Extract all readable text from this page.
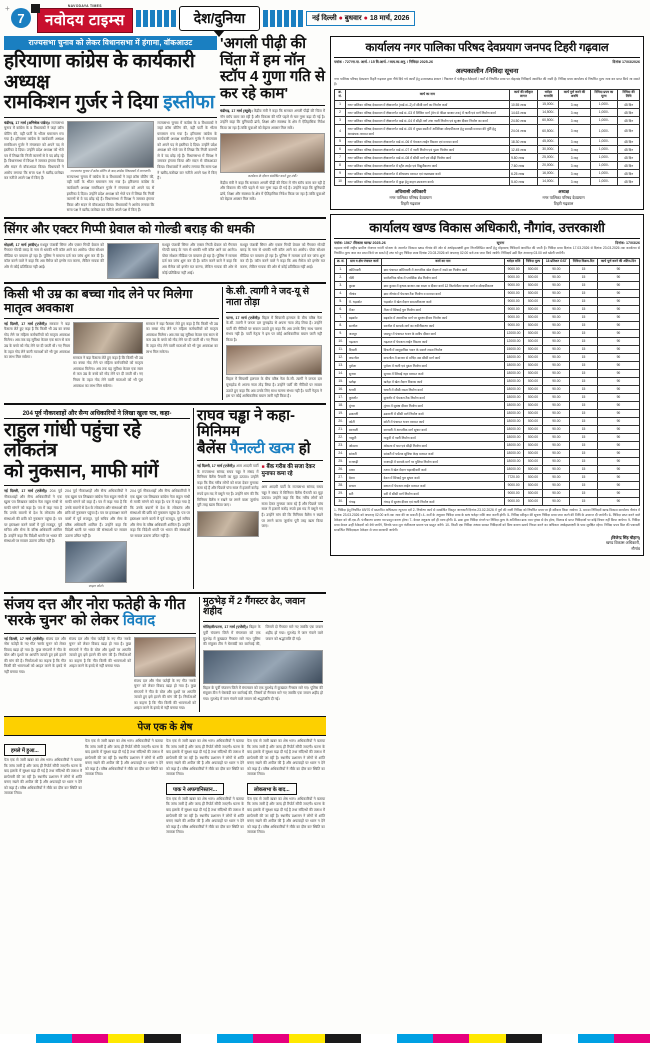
+
7
NAVODAYA TIMES
नवोदय टाइम्स	देश/दुनिया	नई दिल्ली ● बुधवार ● 18 मार्च, 2026
राज्यसभा चुनाव को लेकर विधानसभा में हंगामा, वॉकआउट
हरियाणा कांग्रेस के कार्यकारी अध्यक्ष
रामकिशन गुर्जर ने दिया इस्तीफा
चंडीगढ़, 17 मार्च (अभिषेक पांडेय)। राज्यसभा चुनाव में कांग्रेस के 5 विधायकों ने जहां क्रॉस वोटिंग की, वहीं पार्टी के भीतर घमासान मच गया है। हरियाणा कांग्रेस के कार्यकारी अध्यक्ष रामकिशन गुर्जर ने मंगलवार को अपने पद से इस्तीफा दे दिया। उन्होंने प्रदेश अध्यक्ष को भेजे पत्र में लिखा कि निजी कारणों से वे पद छोड़ रहे हैं। विधानसभा में विपक्ष ने जमकर हंगामा किया और सदन से वॉकआउट किया। विधायकों ने आरोप लगाया कि सत्ता पक्ष ने खरीद-फरोख्त कर नतीजे अपने पक्ष में किए हैं।
राज्यसभा चुनाव में क्रॉस वोटिंग के बाद कांग्रेस विधायकों में नाराजगी।
राज्यसभा चुनाव में कांग्रेस के 5 विधायकों ने जहां क्रॉस वोटिंग की, वहीं पार्टी के भीतर घमासान मच गया है। हरियाणा कांग्रेस के कार्यकारी अध्यक्ष रामकिशन गुर्जर ने मंगलवार को अपने पद से इस्तीफा दे दिया। उन्होंने प्रदेश अध्यक्ष को भेजे पत्र में लिखा कि निजी कारणों से वे पद छोड़ रहे हैं। विधानसभा में विपक्ष ने जमकर हंगामा किया और सदन से वॉकआउट किया। विधायकों ने आरोप लगाया कि सत्ता पक्ष ने खरीद-फरोख्त कर नतीजे अपने पक्ष में किए हैं।
राज्यसभा चुनाव में कांग्रेस के 5 विधायकों ने जहां क्रॉस वोटिंग की, वहीं पार्टी के भीतर घमासान मच गया है। हरियाणा कांग्रेस के कार्यकारी अध्यक्ष रामकिशन गुर्जर ने मंगलवार को अपने पद से इस्तीफा दे दिया। उन्होंने प्रदेश अध्यक्ष को भेजे पत्र में लिखा कि निजी कारणों से वे पद छोड़ रहे हैं। विधानसभा में विपक्ष ने जमकर हंगामा किया और सदन से वॉकआउट किया। विधायकों ने आरोप लगाया कि सत्ता पक्ष ने खरीद-फरोख्त कर नतीजे अपने पक्ष में किए हैं।
'अगली पीढ़ी की चिंता में हम नॉन
स्टॉप 4 गुणा गति से कर रहे काम'
चंडीगढ़, 17 मार्च (ब्यूरो)। केंद्रीय मंत्री ने कहा कि सरकार अगली पीढ़ी की चिंता में नॉन स्टॉप काम कर रही है और विकास की गति पहले से चार गुणा बढ़ा दी गई है। उन्होंने कहा कि बुनियादी ढांचे, शिक्षा और स्वास्थ्य के क्षेत्र में ऐतिहासिक निवेश किया जा रहा है ताकि युवाओं को बेहतर अवसर मिल सकें।
कार्यक्रम के दौरान संबोधित करते हुए मंत्री।
केंद्रीय मंत्री ने कहा कि सरकार अगली पीढ़ी की चिंता में नॉन स्टॉप काम कर रही है और विकास की गति पहले से चार गुणा बढ़ा दी गई है। उन्होंने कहा कि बुनियादी ढांचे, शिक्षा और स्वास्थ्य के क्षेत्र में ऐतिहासिक निवेश किया जा रहा है ताकि युवाओं को बेहतर अवसर मिल सकें।
सिंगर और एक्टर गिप्पी ग्रेवाल को गोल्डी बराड़ की धमकी
मोहाली, 17 मार्च (संदीप)। मशहूर पंजाबी सिंगर और एक्टर गिप्पी ग्रेवाल को गैंगस्टर गोल्डी बराड़ के नाम से धमकी भरी कॉल आने का आरोप। पोस्ट सोशल मीडिया पर वायरल हो रहा है। पुलिस ने मामला दर्ज कर जांच शुरू कर दी है। कॉल करने वाले ने कहा कि अब मैसेज को इग्नोर मत करना, लेकिन गायक की ओर से कोई प्रतिक्रिया नहीं आई।
मशहूर पंजाबी सिंगर और एक्टर गिप्पी ग्रेवाल को गैंगस्टर गोल्डी बराड़ के नाम से धमकी भरी कॉल आने का आरोप। पोस्ट सोशल मीडिया पर वायरल हो रहा है। पुलिस ने मामला दर्ज कर जांच शुरू कर दी है। कॉल करने वाले ने कहा कि अब मैसेज को इग्नोर मत करना, लेकिन गायक की ओर से कोई प्रतिक्रिया नहीं आई।
मशहूर पंजाबी सिंगर और एक्टर गिप्पी ग्रेवाल को गैंगस्टर गोल्डी बराड़ के नाम से धमकी भरी कॉल आने का आरोप। पोस्ट सोशल मीडिया पर वायरल हो रहा है। पुलिस ने मामला दर्ज कर जांच शुरू कर दी है। कॉल करने वाले ने कहा कि अब मैसेज को इग्नोर मत करना, लेकिन गायक की ओर से कोई प्रतिक्रिया नहीं आई।
किसी भी उम्र का बच्चा गोद लेने पर मिलेगा मातृत्व अवकाश
नई दिल्ली, 17 मार्च (एजेंसी)। सरकार ने बड़ा फैसला लेते हुए कहा है कि किसी भी उम्र का बच्चा गोद लेने पर महिला कर्मचारियों को मातृत्व अवकाश मिलेगा। अब तक यह सुविधा केवल एक साल से कम उम्र के बच्चे को गोद लेने पर दी जाती थी। नए नियम के तहत गोद लेने वाली माताओं को भी पूरा अवकाश का लाभ मिल सकेगा।	सरकार ने बड़ा फैसला लेते हुए कहा है कि किसी भी उम्र का बच्चा गोद लेने पर महिला कर्मचारियों को मातृत्व अवकाश मिलेगा। अब तक यह सुविधा केवल एक साल से कम उम्र के बच्चे को गोद लेने पर दी जाती थी। नए नियम के तहत गोद लेने वाली माताओं को भी पूरा अवकाश का लाभ मिल सकेगा।
सरकार ने बड़ा फैसला लेते हुए कहा है कि किसी भी उम्र का बच्चा गोद लेने पर महिला कर्मचारियों को मातृत्व अवकाश मिलेगा। अब तक यह सुविधा केवल एक साल से कम उम्र के बच्चे को गोद लेने पर दी जाती थी। नए नियम के तहत गोद लेने वाली माताओं को भी पूरा अवकाश का लाभ मिल सकेगा।
के.सी. त्यागी ने जद-यू से नाता तोड़ा
पटना, 17 मार्च (एजेंसी)। बिहार में सियासी हलचल के बीच वरिष्ठ नेता के.सी. त्यागी ने जनता दल यूनाइटेड से अपना नाता तोड़ लिया है। उन्होंने पार्टी की नीतियों पर सवाल उठाते हुए कहा कि अब उनके लिए साथ चलना संभव नहीं है। पार्टी नेतृत्व ने इस पर कोई आधिकारिक बयान जारी नहीं किया है।
बिहार में सियासी हलचल के बीच वरिष्ठ नेता के.सी. त्यागी ने जनता दल यूनाइटेड से अपना नाता तोड़ लिया है। उन्होंने पार्टी की नीतियों पर सवाल उठाते हुए कहा कि अब उनके लिए साथ चलना संभव नहीं है। पार्टी नेतृत्व ने इस पर कोई आधिकारिक बयान जारी नहीं किया है।
204 पूर्व नौकरशाहों और सैन्य अधिकारियों ने लिखा खुला पत्र, कहा-
राहुल गांधी पहुंचा रहे लोकतंत्र
को नुकसान, माफी मांगें
नई दिल्ली, 17 मार्च (एजेंसी)। 204 पूर्व नौकरशाहों और सैन्य अधिकारियों ने एक खुला पत्र लिखकर कांग्रेस नेता राहुल गांधी से माफी मांगने को कहा है। पत्र में कहा गया है कि उनके बयानों से देश के लोकतंत्र और संस्थाओं की छवि को नुकसान पहुंचा है। पत्र पर हस्ताक्षर करने वालों में पूर्व राजदूत, पूर्व सचिव और सेना के वरिष्ठ अधिकारी शामिल हैं। उन्होंने कहा कि विदेशी धरती पर भारत की संस्थाओं पर सवाल उठाना उचित नहीं है।
204 पूर्व नौकरशाहों और सैन्य अधिकारियों ने एक खुला पत्र लिखकर कांग्रेस नेता राहुल गांधी से माफी मांगने को कहा है। पत्र में कहा गया है कि उनके बयानों से देश के लोकतंत्र और संस्थाओं की छवि को नुकसान पहुंचा है। पत्र पर हस्ताक्षर करने वालों में पूर्व राजदूत, पूर्व सचिव और सेना के वरिष्ठ अधिकारी शामिल हैं। उन्होंने कहा कि विदेशी धरती पर भारत की संस्थाओं पर सवाल उठाना उचित नहीं है।
फाइल फोटो।
204 पूर्व नौकरशाहों और सैन्य अधिकारियों ने एक खुला पत्र लिखकर कांग्रेस नेता राहुल गांधी से माफी मांगने को कहा है। पत्र में कहा गया है कि उनके बयानों से देश के लोकतंत्र और संस्थाओं की छवि को नुकसान पहुंचा है। पत्र पर हस्ताक्षर करने वालों में पूर्व राजदूत, पूर्व सचिव और सेना के वरिष्ठ अधिकारी शामिल हैं। उन्होंने कहा कि विदेशी धरती पर भारत की संस्थाओं पर सवाल उठाना उचित नहीं है।
राघव चड्ढा ने कहा-मिनिमम
बैलेंस पैनल्टी खत्म हो
नई दिल्ली, 17 मार्च (एजेंसी)। आम आदमी पार्टी के राज्यसभा सांसद राघव चड्ढा ने संसद में मिनिमम बैलेंस पैनल्टी का मुद्दा उठाया। उन्होंने कहा कि बैंक गरीब लोगों को सजा देकर मुनाफा कमा रहे हैं और पिछले पांच साल में हजारों करोड़ रुपये इस मद में वसूले गए हैं। उन्होंने मांग की कि मिनिमम बैलेंस न रखने पर लगने वाला जुर्माना पूरी तरह खत्म किया जाए।
■ बैंक गरीब की सजा देकर मुनाफा कमा रहे
आम आदमी पार्टी के राज्यसभा सांसद राघव चड्ढा ने संसद में मिनिमम बैलेंस पैनल्टी का मुद्दा उठाया। उन्होंने कहा कि बैंक गरीब लोगों को सजा देकर मुनाफा कमा रहे हैं और पिछले पांच साल में हजारों करोड़ रुपये इस मद में वसूले गए हैं। उन्होंने मांग की कि मिनिमम बैलेंस न रखने पर लगने वाला जुर्माना पूरी तरह खत्म किया जाए।
संजय दत्त और नोरा फतेही के गीत
'सरके चुनर' को लेकर विवाद
नई दिल्ली, 17 मार्च (एजेंसी)। संजय दत्त और नोरा फतेही के नए गीत 'सरके चुनर' को लेकर विवाद खड़ा हो गया है। कुछ संगठनों ने गीत के बोल और दृश्यों पर आपत्ति जताते हुए इसे हटाने की मांग की है। निर्माताओं का कहना है कि गीत किसी की भावनाओं को आहत करने के इरादे से नहीं बनाया गया।
संजय दत्त और नोरा फतेही के नए गीत 'सरके चुनर' को लेकर विवाद खड़ा हो गया है। कुछ संगठनों ने गीत के बोल और दृश्यों पर आपत्ति जताते हुए इसे हटाने की मांग की है। निर्माताओं का कहना है कि गीत किसी की भावनाओं को आहत करने के इरादे से नहीं बनाया गया।
संजय दत्त और नोरा फतेही के नए गीत 'सरके चुनर' को लेकर विवाद खड़ा हो गया है। कुछ संगठनों ने गीत के बोल और दृश्यों पर आपत्ति जताते हुए इसे हटाने की मांग की है। निर्माताओं का कहना है कि गीत किसी की भावनाओं को आहत करने के इरादे से नहीं बनाया गया।
मुठभेड़ में 2 गैंगस्टर ढेर, जवान शहीद
मोतिहारी/पटना, 17 मार्च (एजेंसी)। बिहार के पूर्वी चंपारण जिले में मंगलवार को एक मुठभेड़ में कुख्यात गैंगस्टर मारे गए। पुलिस की संयुक्त टीम ने घेराबंदी कर कार्रवाई की, जिसमें दो गैंगस्टर मारे गए जबकि एक जवान शहीद हो गया। मुठभेड़ में जान गंवाने वाले जवान को श्रद्धांजलि दी गई।
बिहार के पूर्वी चंपारण जिले में मंगलवार को एक मुठभेड़ में कुख्यात गैंगस्टर मारे गए। पुलिस की संयुक्त टीम ने घेराबंदी कर कार्रवाई की, जिसमें दो गैंगस्टर मारे गए जबकि एक जवान शहीद हो गया। मुठभेड़ में जान गंवाने वाले जवान को श्रद्धांजलि दी गई।
पेज एक के शेष
हमले में हुआ...
पेज एक से जारी खबर का शेष भाग। अधिकारियों ने बताया कि जांच जारी है और जल्द ही रिपोर्ट सौंपी जाएगी। घटना के बाद इलाके में सुरक्षा बढ़ा दी गई है तथा संदिग्धों की तलाश में छापेमारी की जा रही है। स्थानीय प्रशासन ने लोगों से शांति बनाए रखने की अपील की है और अफवाहों पर ध्यान न देने को कहा है। वरिष्ठ अधिकारियों ने मौके का दौरा कर स्थिति का जायजा लिया।
पेज एक से जारी खबर का शेष भाग। अधिकारियों ने बताया कि जांच जारी है और जल्द ही रिपोर्ट सौंपी जाएगी। घटना के बाद इलाके में सुरक्षा बढ़ा दी गई है तथा संदिग्धों की तलाश में छापेमारी की जा रही है। स्थानीय प्रशासन ने लोगों से शांति बनाए रखने की अपील की है और अफवाहों पर ध्यान न देने को कहा है। वरिष्ठ अधिकारियों ने मौके का दौरा कर स्थिति का जायजा लिया।
पेज एक से जारी खबर का शेष भाग। अधिकारियों ने बताया कि जांच जारी है और जल्द ही रिपोर्ट सौंपी जाएगी। घटना के बाद इलाके में सुरक्षा बढ़ा दी गई है तथा संदिग्धों की तलाश में छापेमारी की जा रही है। स्थानीय प्रशासन ने लोगों से शांति बनाए रखने की अपील की है और अफवाहों पर ध्यान न देने को कहा है। वरिष्ठ अधिकारियों ने मौके का दौरा कर स्थिति का जायजा लिया।
पाक ने अफगानिस्तान...
पेज एक से जारी खबर का शेष भाग। अधिकारियों ने बताया कि जांच जारी है और जल्द ही रिपोर्ट सौंपी जाएगी। घटना के बाद इलाके में सुरक्षा बढ़ा दी गई है तथा संदिग्धों की तलाश में छापेमारी की जा रही है। स्थानीय प्रशासन ने लोगों से शांति बनाए रखने की अपील की है और अफवाहों पर ध्यान न देने को कहा है। वरिष्ठ अधिकारियों ने मौके का दौरा कर स्थिति का जायजा लिया।
पेज एक से जारी खबर का शेष भाग। अधिकारियों ने बताया कि जांच जारी है और जल्द ही रिपोर्ट सौंपी जाएगी। घटना के बाद इलाके में सुरक्षा बढ़ा दी गई है तथा संदिग्धों की तलाश में छापेमारी की जा रही है। स्थानीय प्रशासन ने लोगों से शांति बनाए रखने की अपील की है और अफवाहों पर ध्यान न देने को कहा है। वरिष्ठ अधिकारियों ने मौके का दौरा कर स्थिति का जायजा लिया।
लोकसभा के बाद...
पेज एक से जारी खबर का शेष भाग। अधिकारियों ने बताया कि जांच जारी है और जल्द ही रिपोर्ट सौंपी जाएगी। घटना के बाद इलाके में सुरक्षा बढ़ा दी गई है तथा संदिग्धों की तलाश में छापेमारी की जा रही है। स्थानीय प्रशासन ने लोगों से शांति बनाए रखने की अपील की है और अफवाहों पर ध्यान न देने को कहा है। वरिष्ठ अधिकारियों ने मौके का दौरा कर स्थिति का जायजा लिया।
कार्यालय नगर पालिका परिषद देवप्रयाग जनपद टिहरी गढ़वाल
पत्रांक : 727/ना.पा. आर्थ. / 15 वि.आर्थ. / व्यय.व्य.अनु. / निविदा/ 2025-26	दिनांक 17/03/2026
अल्पकालीन /निविदा सूचना
नगर पालिका परिषद देवप्रयाग टिहरी गढ़वाल द्वारा नीचे दिये गये कार्यों हेतु उत्तराखण्ड शासन / निबन्धन में पंजीकृत ठेकेदारों / फर्मों से निर्धारित प्रपत्र पर मोहरबंद निविदायें आमंत्रित की जाती हैं। निविदा प्रपत्र कार्यालय से निर्धारित मूल्य जमा कर प्राप्त किये जा सकते हैं।
क्र. सं.	कार्य का नाम	कार्य की स्वीकृत लागत	धरोहर धनराशि	कार्य पूर्ण करने की अवधि	निविदा प्रपत्र का मूल्य	निविदा की तिथि
1	नगर पालिका परिषद देवप्रयाग में क्षेत्रान्तर्गत (वार्ड सं.-2) में सीसी मार्ग का निर्माण कार्य	10.55 लाख	15,000/-	3 माह	1,000/-	45 दिन
2	नगर पालिका परिषद देवप्रयाग में क्षेत्रान्तर्गत वार्ड सं.-03 में लिंकिंग मार्ग (मेन से फीडर बाजार तक) में नाली एवं मार्ग निर्माण कार्य	14.63 लाख	14,500/-	3 माह	1,000/-	45 दिन
3	नगर पालिका परिषद देवप्रयाग में क्षेत्रान्तर्गत वार्ड सं.-04 में सीढ़ी मार्ग तथा नाली निर्माण एवं सुरक्षा दीवार निर्माण का कार्य	24.50 लाख	60,500/-	3 माह	1,000/-	45 दिन
4	नगर पालिका परिषद देवप्रयाग में क्षेत्रान्तर्गत वार्ड सं.-05 में मुख्य बस्ती में अतिरिक्त सौन्दर्यीकरण हेतु सामग्री मरम्मत की पूर्ति हेतु आवश्यक मरम्मत कार्य	24.04 लाख	60,500/-	3 माह	1,000/-	45 दिन
5	नगर पालिका परिषद देवप्रयाग क्षेत्रान्तर्गत वार्ड सं.-06 में पेयजल लाईन विस्तार एवं मरम्मत कार्य	18.30 लाख	45,000/-	3 माह	1,000/-	45 दिन
6	नगर पालिका परिषद देवप्रयाग क्षेत्रान्तर्गत वार्ड सं.-07 में नाली निर्माण एवं पुश्ता निर्माण कार्य	12.45 लाख	30,000/-	3 माह	1,000/-	45 दिन
7	नगर पालिका परिषद देवप्रयाग क्षेत्रान्तर्गत वार्ड सं.-08 में सीसी मार्ग एवं सीढ़ी निर्माण कार्य	9.80 लाख	25,000/-	3 माह	1,000/-	45 दिन
8	नगर पालिका परिषद देवप्रयाग क्षेत्रान्तर्गत में स्ट्रीट लाईट एवं विद्युतीकरण कार्य	7.60 लाख	20,000/-	3 माह	1,000/-	45 दिन
9	नगर पालिका परिषद देवप्रयाग क्षेत्रान्तर्गत में शौचालय मरम्मत एवं रखरखाव कार्य	6.25 लाख	16,000/-	3 माह	1,000/-	45 दिन
10	नगर पालिका परिषद देवप्रयाग क्षेत्रान्तर्गत में कूड़ा हेतु वाहन उपकरण कार्य।	5.40 लाख	14,000/-	3 माह	1,000/-	45 दिन
अधिशासी अधिकारी
नगर पालिका परिषद देवप्रयाग
टिहरी गढ़वाल
अध्यक्ष
नगर पालिका परिषद देवप्रयाग
टिहरी गढ़वाल
कार्यालय खण्ड विकास अधिकारी, नौगांव, उत्तरकाशी
पत्रांक: 1567 /विकास खण्ड/ 2025-26	सूचना	दिनांक: 17/03/26
महात्मा गांधी राष्ट्रीय ग्रामीण रोजगार गारंटी योजना के अन्तर्गत विकास खण्ड नौगांव की ओर से अधोहस्ताक्षरी द्वारा निम्नलिखित कार्यों हेतु मोहरबन्द निविदायें आमंत्रित की जाती हैं। निविदा प्रपत्र दिनांक 17.03.2026 से दिनांक 23.03.2026 तक कार्यालय से निर्धारित मूल्य जमा कर प्राप्त किये जा सकते हैं तथा भरे हुए निविदा प्रपत्र दिनांक 23.03.2026 को अपरान्ह 02.00 बजे तक जमा किये जायेंगे। निविदायें उसी दिन अपरान्ह 03.00 बजे खोली जायेंगी।
क्र. सं.	ग्राम व क्षेत्र पंचायत कार्य	कार्य का नाम	धरोहर राशि	निविदा मूल्य	18 प्रतिशत GST	निविदा विक्रय-दिन	कार्य पूर्ण करने की अंतिम-दिन
1.	कोटियाली	ग्राम पंचायत कोटियाली में आन्तरिक खेल मैदान में रास्ते का निर्माण कार्य	9000.00	500.00	90.00	15	90
2.	पौंटी	सार्वजनिक चौक में प्लास्टिक शेड निर्माण कार्य	9000.00	500.00	90.00	15	90
3.	कुम्बा	ग्राम कुम्बा में कृषक बाजार तक रास्ता व दीवार कार्य 12 किलोमीटर कच्चा मार्ग व सौन्दर्यीकरण	9000.00	500.00	90.00	15	90
4.	नौगांव	ग्राम नौगांव में पेयजल टैंक निर्माण व मरम्मत कार्य	9000.00	500.00	90.00	15	90
5.	मै. भड़कोट	भड़कोट में खेल मैदान समतलीकरण कार्य	9000.00	500.00	90.00	15	90
6.	मैंजर	मैंजर में सिंचाई गूल निर्माण कार्य	9000.00	500.00	90.00	15	90
7.	बड़कोट	बड़कोट में आन्तरिक मार्ग पर सुरक्षा दीवार निर्माण कार्य	9000.00	500.00	90.00	15	90
8.	सरनौल	सरनौल में सम्पर्क मार्ग का नवीनीकरण कार्य	9000.00	500.00	90.00	15	90
9.	जसपुर	जसपुर में पंचायत भवन के समीप दीवार कार्य	12000.00	500.00	90.00	15	90
10.	गढ़ताल	गढ़ताल में पेयजल लाईन विस्तार कार्य	12000.00	500.00	90.00	15	90
11.	दिचली	दिचली में सामुदायिक भवन के सामने रास्ता निर्माण	15000.00	500.00	90.00	15	90
12.	कफनौल	कफनौल में बाजार से मन्दिर तक सीसी मार्ग कार्य	18000.00	500.00	90.00	15	90
13.	पुरोला	पुरोला में नाली एवं पुश्ता निर्माण कार्य	18000.00	500.00	90.00	15	90
14.	सुनारा	सुनारा में सिंचाई नहर मरम्मत कार्य	18000.00	500.00	90.00	15	90
15.	खनेड़ा	खनेड़ा में खेल मैदान विकास कार्य	18000.00	500.00	90.00	15	90
16.	धनारी	धनारी में सीसी रास्ता निर्माण कार्य	18000.00	500.00	90.00	15	90
17.	कुथनौर	कुथनौर में पेयजल टैंक निर्माण कार्य	18000.00	500.00	90.00	15	90
18.	मुंगरा	मुंगरा में सुरक्षा दीवार निर्माण कार्य	18000.00	500.00	90.00	15	90
19.	ढकरानी	ढकरानी में सीसी मार्ग निर्माण कार्य	18000.00	500.00	90.00	15	90
20.	कोटी	कोटी में पंचायत भवन मरम्मत कार्य	18000.00	500.00	90.00	15	90
21.	बरनाली	बरनाली में आन्तरिक मार्ग सुधार कार्य	18000.00	500.00	90.00	15	90
22.	नाकुरी	नाकुरी में नाली निर्माण कार्य	18000.00	500.00	90.00	15	90
23.	ओसला	ओसला में घाट एवं सीढ़ी निर्माण कार्य	18000.00	500.00	90.00	15	90
24.	सांकरी	सांकरी में पर्यटक सुविधा केन्द्र मरम्मत कार्य	18000.00	500.00	90.00	15	90
25.	राजगढ़ी	राजगढ़ी में सम्पर्क मार्ग पर पुलिया निर्माण कार्य	18000.00	500.00	90.00	15	90
26.	ठाणा	ठाणा में खेल मैदान चहारदीवारी कार्य	18000.00	500.00	90.00	15	90
27.	देवरा	देवरा में सिंचाई गूल सुधार कार्य	7720.00	500.00	90.00	15	90
28.	बनाल	बनाल में पेयजल लाईन मरम्मत कार्य	9000.00	500.00	90.00	15	90
29.	सरी	सरी में सीसी मार्ग निर्माण कार्य	9000.00	500.00	90.00	15	90
30.	गंगाड़	गंगाड़ में सुरक्षा दीवार एवं नाली निर्माण कार्य	9000.00	500.00	90.00	15	90
1- निविदा हेतु निर्धारित 69/70 में प्रस्तावित अधिकतम न्यूनतम दरों 2- निर्धारण कार्य से सम्बन्धित विस्तृत जानकारी दिनांक 23.02.2026 में पूर्ण की जानी निविदा को निर्धारित प्रपत्र पर ही स्वीकार किया जायेगा। 3- समस्त निविदायें खण्ड विकास कार्यालय नौगांव में दिनांक 23.03.2026 को अपरान्ह 02.00 बजे तक जमा की जा सकती हैं। 4- शर्तों के अनुसार निविदा प्रपत्र के साथ धरोहर राशि जमा करनी होगी। 5- निविदा स्वीकृत की सूचना निविदा प्रपत्र जमा करने की तिथि के उपरान्त दी जायेगी। 6- निविदा प्राप्त करने वाले ठेकेदार को जी.एस.टी. पंजीकरण प्रमाण पत्र प्रस्तुत करना होगा। 7- केवल अनुबन्ध दरों ही मान्य होंगी। 8- डाक द्वारा निविदा मंगाने पर निविदा मूल्य के अतिरिक्त डाक व्यय पृथक से देय होगा, विलम्ब से प्राप्त निविदाओं पर कोई विचार नहीं किया जायेगा। 9- निविदा प्रपत्र केवल उन्हीं ठेकेदारों को बेचे जायेंगे, जिनके पास मूल पंजीकरण प्रमाण पत्र प्रस्तुत करेंगे। 10- किसी एक निविदा अथवा समस्त निविदाओं को बिना कारण बताये निरस्त करने का अधिकार अधोहस्ताक्षरी के पास सुरक्षित रहेगा। निविदा प्रपत्र बिल की पत्रावली सम्बन्धित निविदादाता ठेकेदार से जमा करवायी जायेगी।
(विजेन्द्र सिंह चौहान)
खण्ड विकास अधिकारी,
नौगांव
